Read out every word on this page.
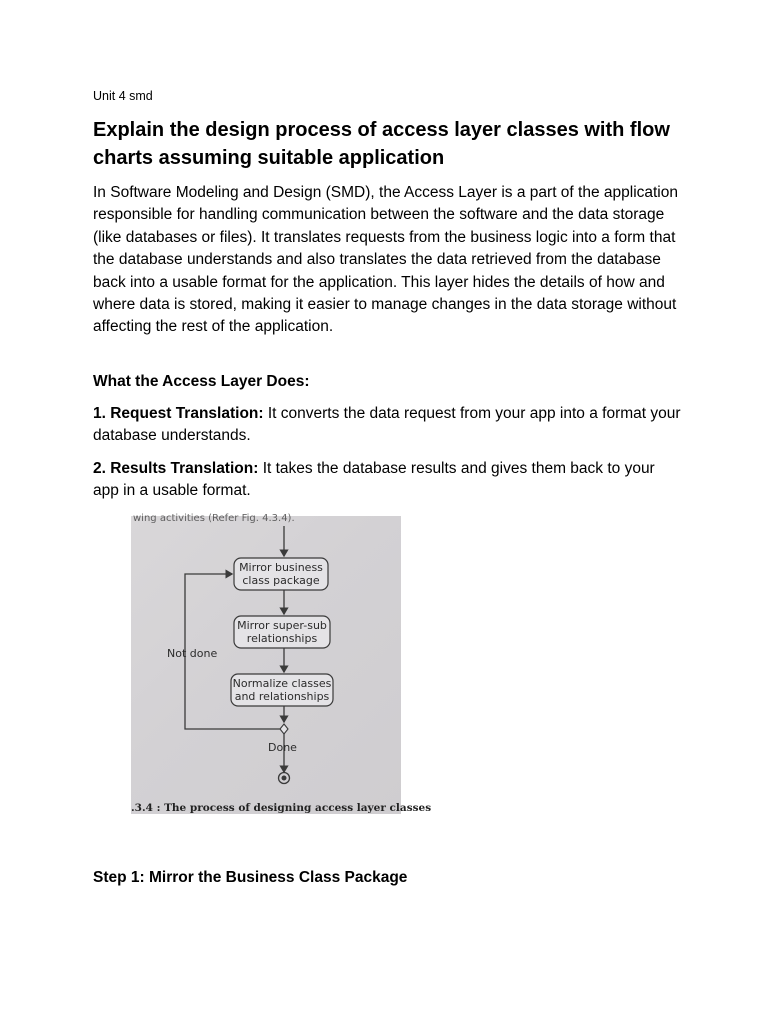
Unit 4 smd
Explain the design process of access layer classes with flow charts assuming suitable application

In Software Modeling and Design (SMD), the Access Layer is a part of the application responsible for handling communication between the software and the data storage (like databases or files). It translates requests from the business logic into a form that the database understands and also translates the data retrieved from the database back into a usable format for the application. This layer hides the details of how and where data is stored, making it easier to manage changes in the data storage without affecting the rest of the application.

What the Access Layer Does:

1. Request Translation: It converts the data request from your app into a format your database understands.

2. Results Translation: It takes the database results and gives them back to your app in a usable format.

wing activities (Refer Fig. 4.3.4).
Mirror business
class package
Mirror super-sub
relationships
Normalize classes
and relationships
Not done
Done
.3.4 : The process of designing access layer classes

Step 1: Mirror the Business Class Package
